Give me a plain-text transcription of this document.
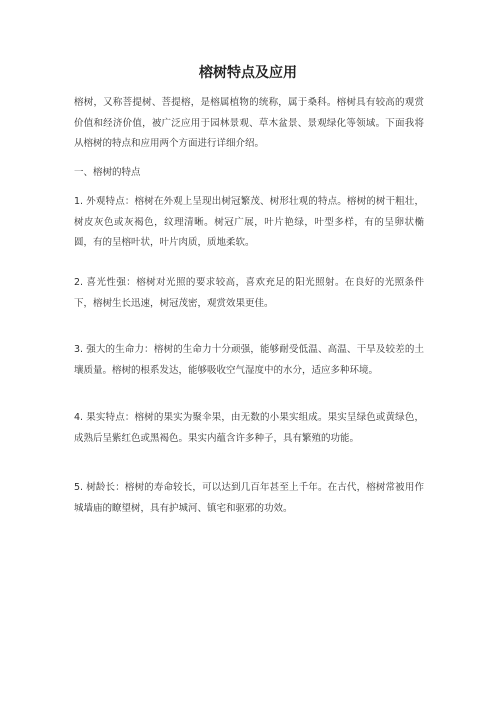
榕树特点及应用
榕树，又称菩提树、菩提榕，是榕属植物的统称，属于桑科。榕树具有较高的观赏价值和经济价值，被广泛应用于园林景观、草木盆景、景观绿化等领域。下面我将从榕树的特点和应用两个方面进行详细介绍。
一、榕树的特点
1. 外观特点：榕树在外观上呈现出树冠繁茂、树形壮观的特点。榕树的树干粗壮，树皮灰色或灰褐色，纹理清晰。树冠广展，叶片艳绿，叶型多样，有的呈卵状椭圆，有的呈榕叶状，叶片肉质，质地柔软。
2. 喜光性强：榕树对光照的要求较高，喜欢充足的阳光照射。在良好的光照条件下，榕树生长迅速，树冠茂密，观赏效果更佳。
3. 强大的生命力：榕树的生命力十分顽强，能够耐受低温、高温、干旱及较差的土壤质量。榕树的根系发达，能够吸收空气湿度中的水分，适应多种环境。
4. 果实特点：榕树的果实为聚伞果，由无数的小果实组成。果实呈绿色或黄绿色，成熟后呈紫红色或黑褐色。果实内蕴含许多种子，具有繁殖的功能。
5. 树龄长：榕树的寿命较长，可以达到几百年甚至上千年。在古代，榕树常被用作城墙庙的瞭望树，具有护城河、镇宅和驱邪的功效。
